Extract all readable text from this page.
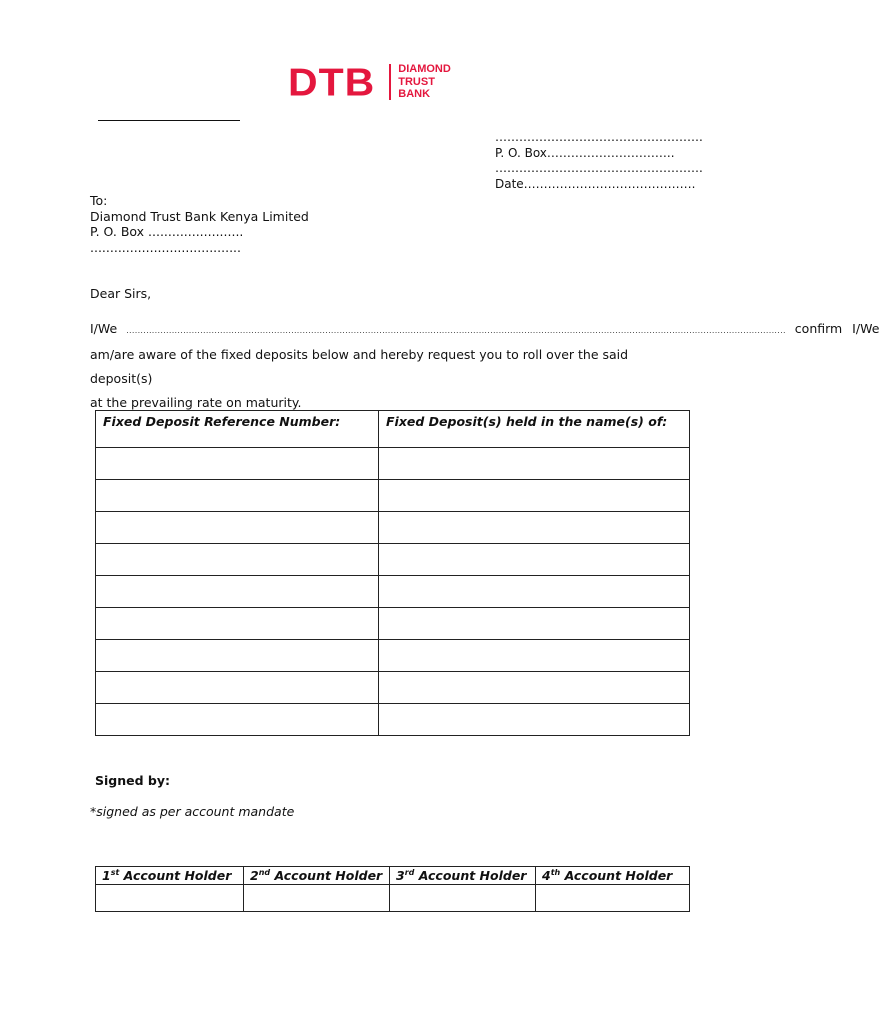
DTB DIAMOND
TRUST
BANK
…………………………………………….
P. O. Box…………………………..
…………………………………………….
Date…………………………………….
To:
Diamond Trust Bank Kenya Limited
P. O. Box ........................
......................................
Dear Sirs,
I/We ........................................................................................................................................................................................................................................ confirm I/We
am/are aware of the fixed deposits below and hereby request you to roll over the said deposit(s)
at the prevailing rate on maturity.
Fixed Deposit Reference Number:	Fixed Deposit(s) held in the name(s) of:

Signed by:
*signed as per account mandate
1st Account Holder	2nd Account Holder	3rd Account Holder	4th Account Holder
